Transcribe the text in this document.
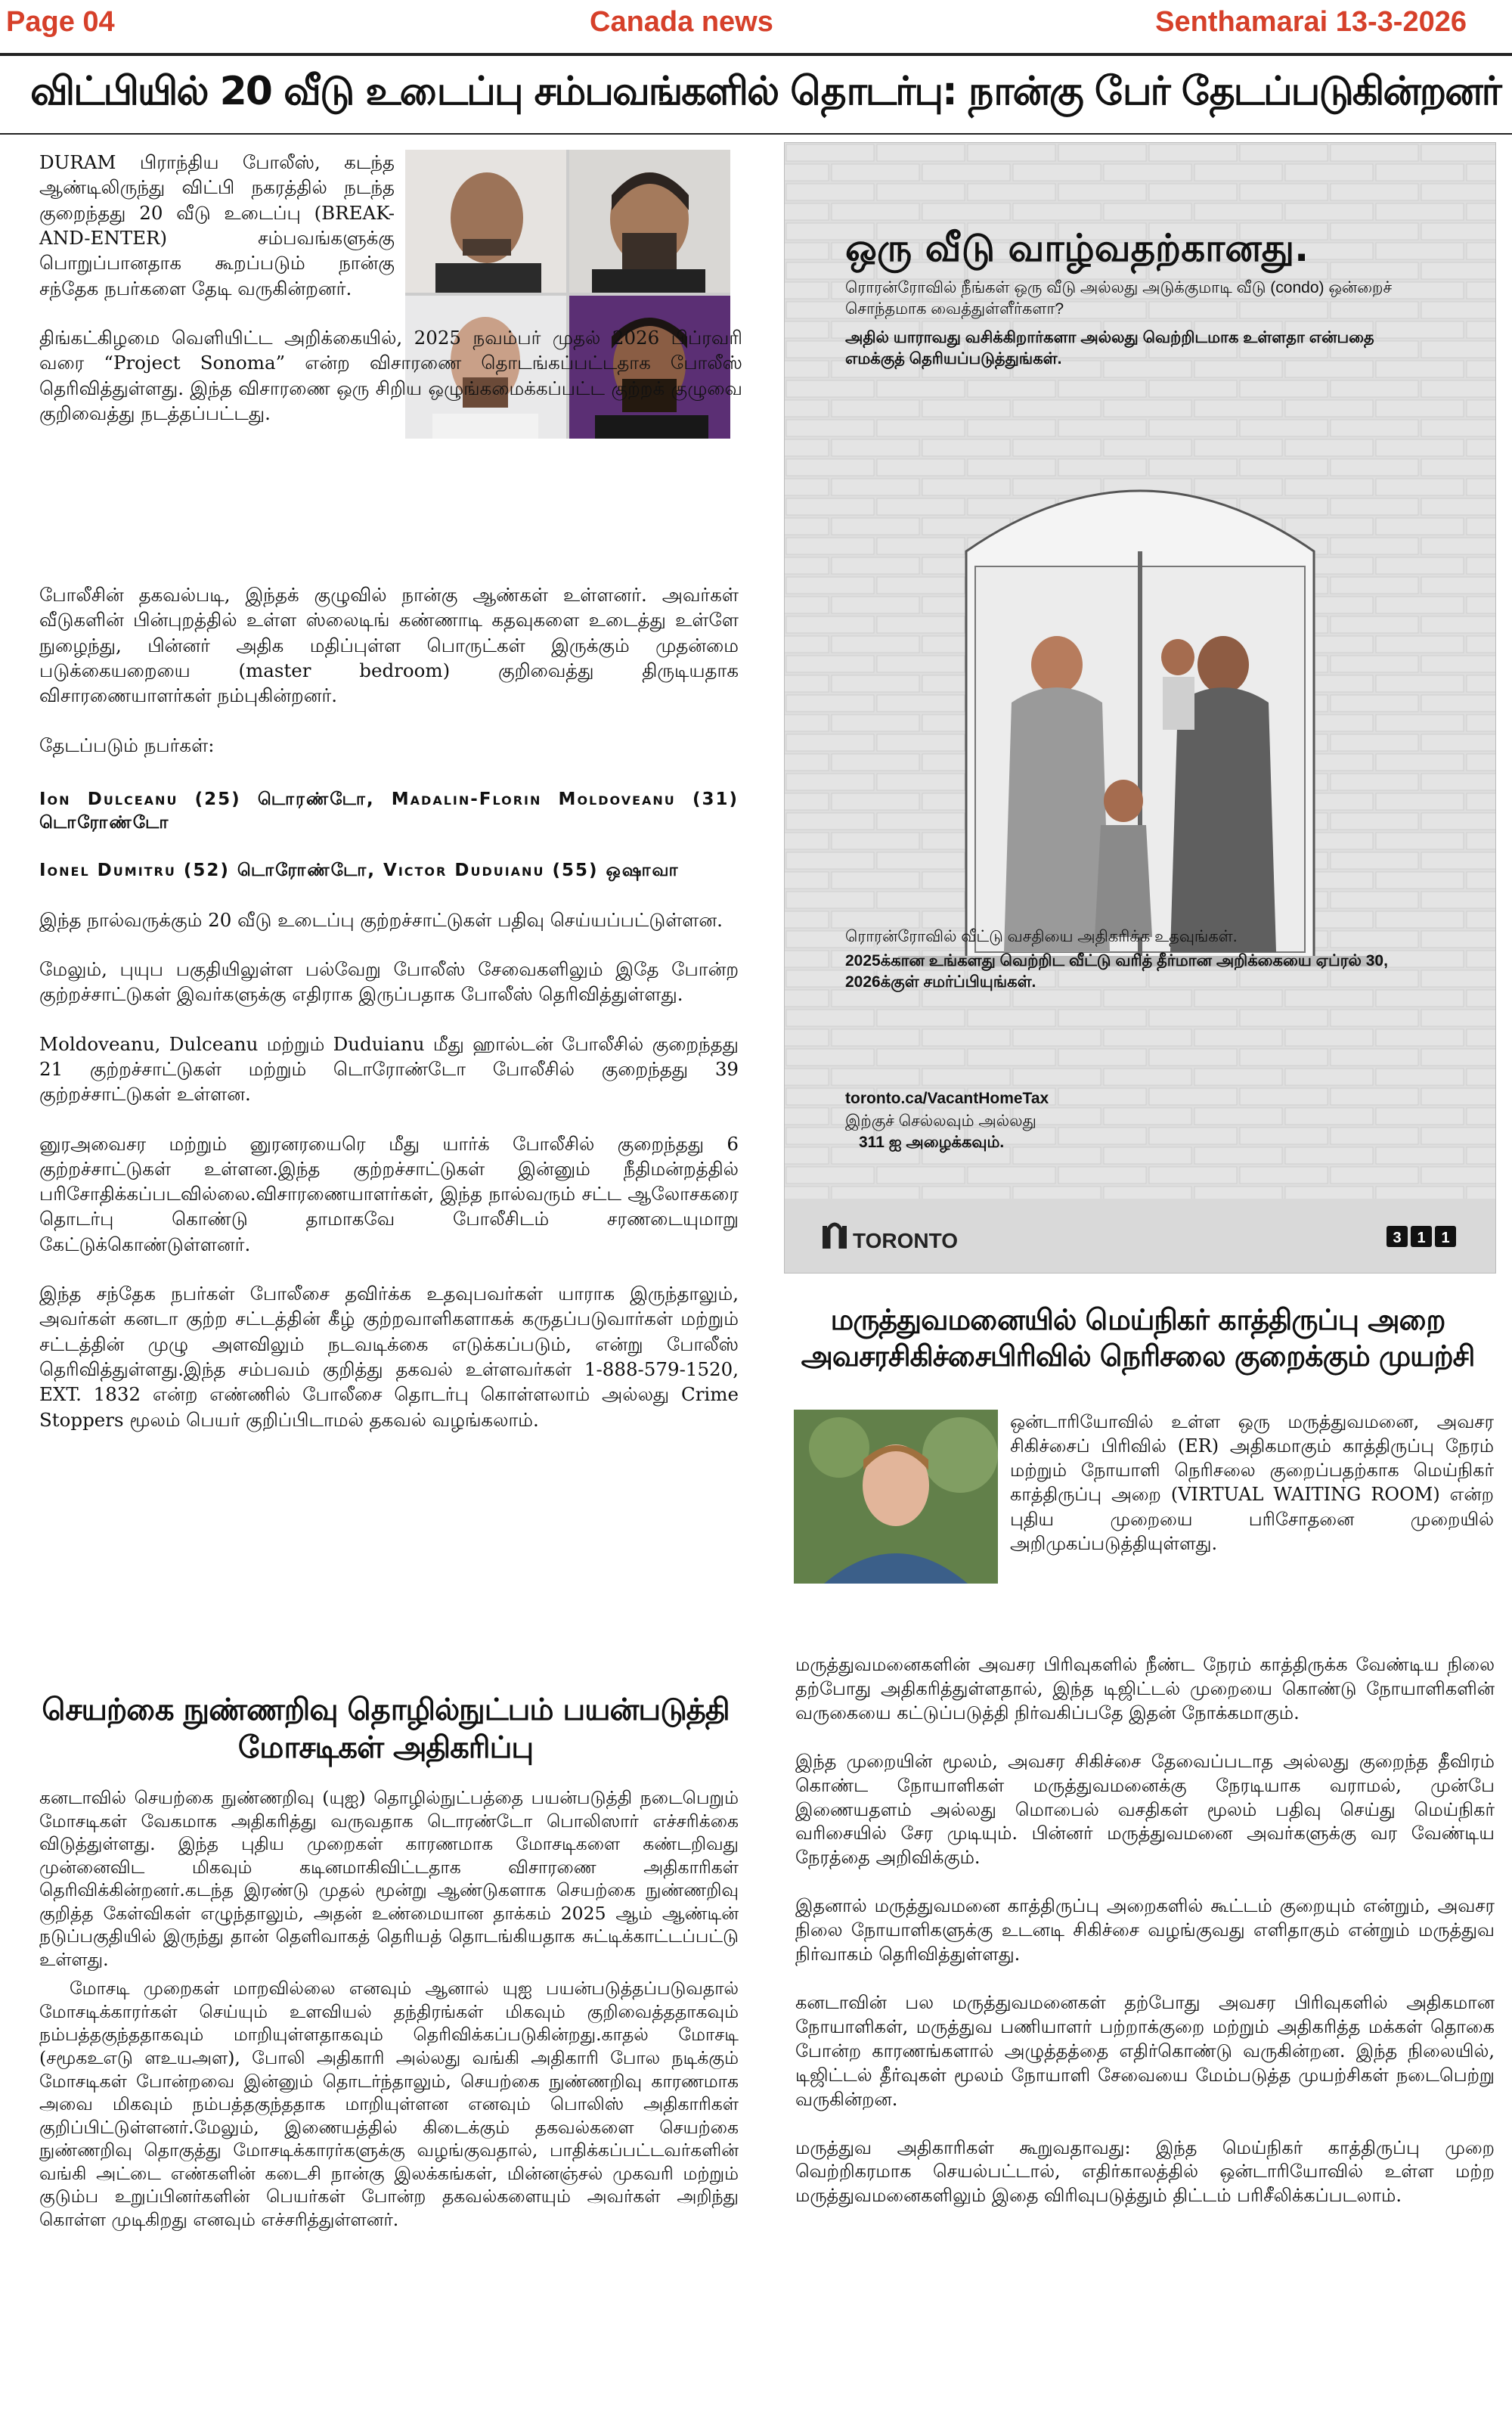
Page 04	Canada news	Senthamarai 13-3-2026
விட்பியில் 20 வீடு உடைப்பு சம்பவங்களில் தொடர்பு: நான்கு பேர் தேடப்படுகின்றனர்

DURAM பிராந்திய போலீஸ், கடந்த ஆண்டிலிருந்து விட்பி நகரத்தில் நடந்த குறைந்தது 20 வீடு உடைப்பு (BREAK-AND-ENTER) சம்பவங்களுக்கு பொறுப்பானதாக கூறப்படும் நான்கு சந்தேக நபர்களை தேடி வருகின்றனர்.

திங்கட்கிழமை வெளியிட்ட அறிக்கையில், 2025 நவம்பர் முதல் 2026 பிப்ரவரி வரை “Project Sonoma” என்ற விசாரணை தொடங்கப்பட்டதாக போலீஸ் தெரிவித்துள்ளது. இந்த விசாரணை ஒரு சிறிய ஒழுங்கமைக்கப்பட்ட குற்றக் குழுவை குறிவைத்து நடத்தப்பட்டது.

போலீசின் தகவல்படி, இந்தக் குழுவில் நான்கு ஆண்கள் உள்ளனர். அவர்கள் வீடுகளின் பின்புறத்தில் உள்ள ஸ்லைடிங் கண்ணாடி கதவுகளை உடைத்து உள்ளே நுழைந்து, பின்னர் அதிக மதிப்புள்ள பொருட்கள் இருக்கும் முதன்மை படுக்கையறையை (master bedroom) குறிவைத்து திருடியதாக விசாரணையாளர்கள் நம்புகின்றனர்.

தேடப்படும் நபர்கள்:

Ion Dulceanu (25) டொரண்டோ, Madalin-Florin Moldoveanu (31) டொரோண்டோ

Ionel Dumitru (52) டொரோண்டோ, Victor Duduianu (55) ஒஷாவா

இந்த நால்வருக்கும் 20 வீடு உடைப்பு குற்றச்சாட்டுகள் பதிவு செய்யப்பட்டுள்ளன.

மேலும், புயுப பகுதியிலுள்ள பல்வேறு போலீஸ் சேவைகளிலும் இதே போன்ற குற்றச்சாட்டுகள் இவர்களுக்கு எதிராக இருப்பதாக போலீஸ் தெரிவித்துள்ளது.

Moldoveanu, Dulceanu மற்றும் Duduianu மீது ஹால்டன் போலீசில் குறைந்தது 21 குற்றச்சாட்டுகள் மற்றும் டொரோண்டோ போலீசில் குறைந்தது 39 குற்றச்சாட்டுகள் உள்ளன.

னுரஅவைசர மற்றும் னுரனரயைரெ மீது யார்க் போலீசில் குறைந்தது 6 குற்றச்சாட்டுகள் உள்ளன.இந்த குற்றச்சாட்டுகள் இன்னும் நீதிமன்றத்தில் பரிசோதிக்கப்படவில்லை.விசாரணையாளர்கள், இந்த நால்வரும் சட்ட ஆலோசகரை தொடர்பு கொண்டு தாமாகவே போலீசிடம் சரணடையுமாறு கேட்டுக்கொண்டுள்ளனர்.

இந்த சந்தேக நபர்கள் போலீசை தவிர்க்க உதவுபவர்கள் யாராக இருந்தாலும், அவர்கள் கனடா குற்ற சட்டத்தின் கீழ் குற்றவாளிகளாகக் கருதப்படுவார்கள் மற்றும் சட்டத்தின் முழு அளவிலும் நடவடிக்கை எடுக்கப்படும், என்று போலீஸ் தெரிவித்துள்ளது.இந்த சம்பவம் குறித்து தகவல் உள்ளவர்கள் 1-888-579-1520, EXT. 1832 என்ற எண்ணில் போலீசை தொடர்பு கொள்ளலாம் அல்லது Crime Stoppers மூலம் பெயர் குறிப்பிடாமல் தகவல் வழங்கலாம்.

செயற்கை நுண்ணறிவு தொழில்நுட்பம் பயன்படுத்தி மோசடிகள் அதிகரிப்பு

கனடாவில் செயற்கை நுண்ணறிவு (யுஐ) தொழில்நுட்பத்தை பயன்படுத்தி நடைபெறும் மோசடிகள் வேகமாக அதிகரித்து வருவதாக டொரண்டோ பொலிஸார் எச்சரிக்கை விடுத்துள்ளது. இந்த புதிய முறைகள் காரணமாக மோசடிகளை கண்டறிவது முன்னைவிட மிகவும் கடினமாகிவிட்டதாக விசாரணை அதிகாரிகள் தெரிவிக்கின்றனர்.கடந்த இரண்டு முதல் மூன்று ஆண்டுகளாக செயற்கை நுண்ணறிவு குறித்த கேள்விகள் எழுந்தாலும், அதன் உண்மையான தாக்கம் 2025 ஆம் ஆண்டின் நடுப்பகுதியில் இருந்து தான் தெளிவாகத் தெரியத் தொடங்கியதாக சுட்டிக்காட்டப்பட்டு உள்ளது.

மோசடி முறைகள் மாறவில்லை எனவும் ஆனால் யுஐ பயன்படுத்தப்படுவதால் மோசடிக்காரர்கள் செய்யும் உளவியல் தந்திரங்கள் மிகவும் குறிவைத்ததாகவும் நம்பத்தகுந்ததாகவும் மாறியுள்ளதாகவும் தெரிவிக்கப்படுகின்றது.காதல் மோசடி (சமூகஉஎடு ளஉயஅள), போலி அதிகாரி அல்லது வங்கி அதிகாரி போல நடிக்கும் மோசடிகள் போன்றவை இன்னும் தொடர்ந்தாலும், செயற்கை நுண்ணறிவு காரணமாக அவை மிகவும் நம்பத்தகுந்ததாக மாறியுள்ளன எனவும் பொலிஸ் அதிகாரிகள் குறிப்பிட்டுள்ளனர்.மேலும், இணையத்தில் கிடைக்கும் தகவல்களை செயற்கை நுண்ணறிவு தொகுத்து மோசடிக்காரர்களுக்கு வழங்குவதால், பாதிக்கப்பட்டவர்களின் வங்கி அட்டை எண்களின் கடைசி நான்கு இலக்கங்கள், மின்னஞ்சல் முகவரி மற்றும் குடும்ப உறுப்பினர்களின் பெயர்கள் போன்ற தகவல்களையும் அவர்கள் அறிந்து கொள்ள முடிகிறது எனவும் எச்சரித்துள்ளனர்.

ஒரு வீடு வாழ்வதற்கானது.
ரொரன்ரோவில் நீங்கள் ஒரு வீடு அல்லது அடுக்குமாடி வீடு (condo) ஒன்றைச் சொந்தமாக வைத்துள்ளீர்களா?
அதில் யாராவது வசிக்கிறார்களா அல்லது வெற்றிடமாக உள்ளதா என்பதை எமக்குத் தெரியப்படுத்துங்கள்.
ரொரன்ரோவில் வீட்டு வசதியை அதிகரிக்க உதவுங்கள்.
2025க்கான உங்களது வெற்றிட வீட்டு வரித் தீர்மான அறிக்கையை ஏப்ரல் 30, 2026க்குள் சமர்ப்பியுங்கள்.
toronto.ca/VacantHomeTax
இற்குச் செல்லவும் அல்லது
311 ஐ அழைக்கவும்.
TORONTO	3 1 1
மருத்துவமனையில் மெய்நிகர் காத்திருப்பு அறை அவசரசிகிச்சைபிரிவில் நெரிசலை குறைக்கும் முயற்சி

ஒன்டாரியோவில் உள்ள ஒரு மருத்துவமனை, அவசர சிகிச்சைப் பிரிவில் (ER) அதிகமாகும் காத்திருப்பு நேரம் மற்றும் நோயாளி நெரிசலை குறைப்பதற்காக மெய்நிகர் காத்திருப்பு அறை (VIRTUAL WAITING ROOM) என்ற புதிய முறையை பரிசோதனை முறையில் அறிமுகப்படுத்தியுள்ளது.

மருத்துவமனைகளின் அவசர பிரிவுகளில் நீண்ட நேரம் காத்திருக்க வேண்டிய நிலை தற்போது அதிகரித்துள்ளதால், இந்த டிஜிட்டல் முறையை கொண்டு நோயாளிகளின் வருகையை கட்டுப்படுத்தி நிர்வகிப்பதே இதன் நோக்கமாகும்.

இந்த முறையின் மூலம், அவசர சிகிச்சை தேவைப்படாத அல்லது குறைந்த தீவிரம் கொண்ட நோயாளிகள் மருத்துவமனைக்கு நேரடியாக வராமல், முன்பே இணையதளம் அல்லது மொபைல் வசதிகள் மூலம் பதிவு செய்து மெய்நிகர் வரிசையில் சேர முடியும். பின்னர் மருத்துவமனை அவர்களுக்கு வர வேண்டிய நேரத்தை அறிவிக்கும்.

இதனால் மருத்துவமனை காத்திருப்பு அறைகளில் கூட்டம் குறையும் என்றும், அவசர நிலை நோயாளிகளுக்கு உடனடி சிகிச்சை வழங்குவது எளிதாகும் என்றும் மருத்துவ நிர்வாகம் தெரிவித்துள்ளது.

கனடாவின் பல மருத்துவமனைகள் தற்போது அவசர பிரிவுகளில் அதிகமான நோயாளிகள், மருத்துவ பணியாளர் பற்றாக்குறை மற்றும் அதிகரித்த மக்கள் தொகை போன்ற காரணங்களால் அழுத்தத்தை எதிர்கொண்டு வருகின்றன. இந்த நிலையில், டிஜிட்டல் தீர்வுகள் மூலம் நோயாளி சேவையை மேம்படுத்த முயற்சிகள் நடைபெற்று வருகின்றன.

மருத்துவ அதிகாரிகள் கூறுவதாவது: இந்த மெய்நிகர் காத்திருப்பு முறை வெற்றிகரமாக செயல்பட்டால், எதிர்காலத்தில் ஒன்டாரியோவில் உள்ள மற்ற மருத்துவமனைகளிலும் இதை விரிவுபடுத்தும் திட்டம் பரிசீலிக்கப்படலாம்.
